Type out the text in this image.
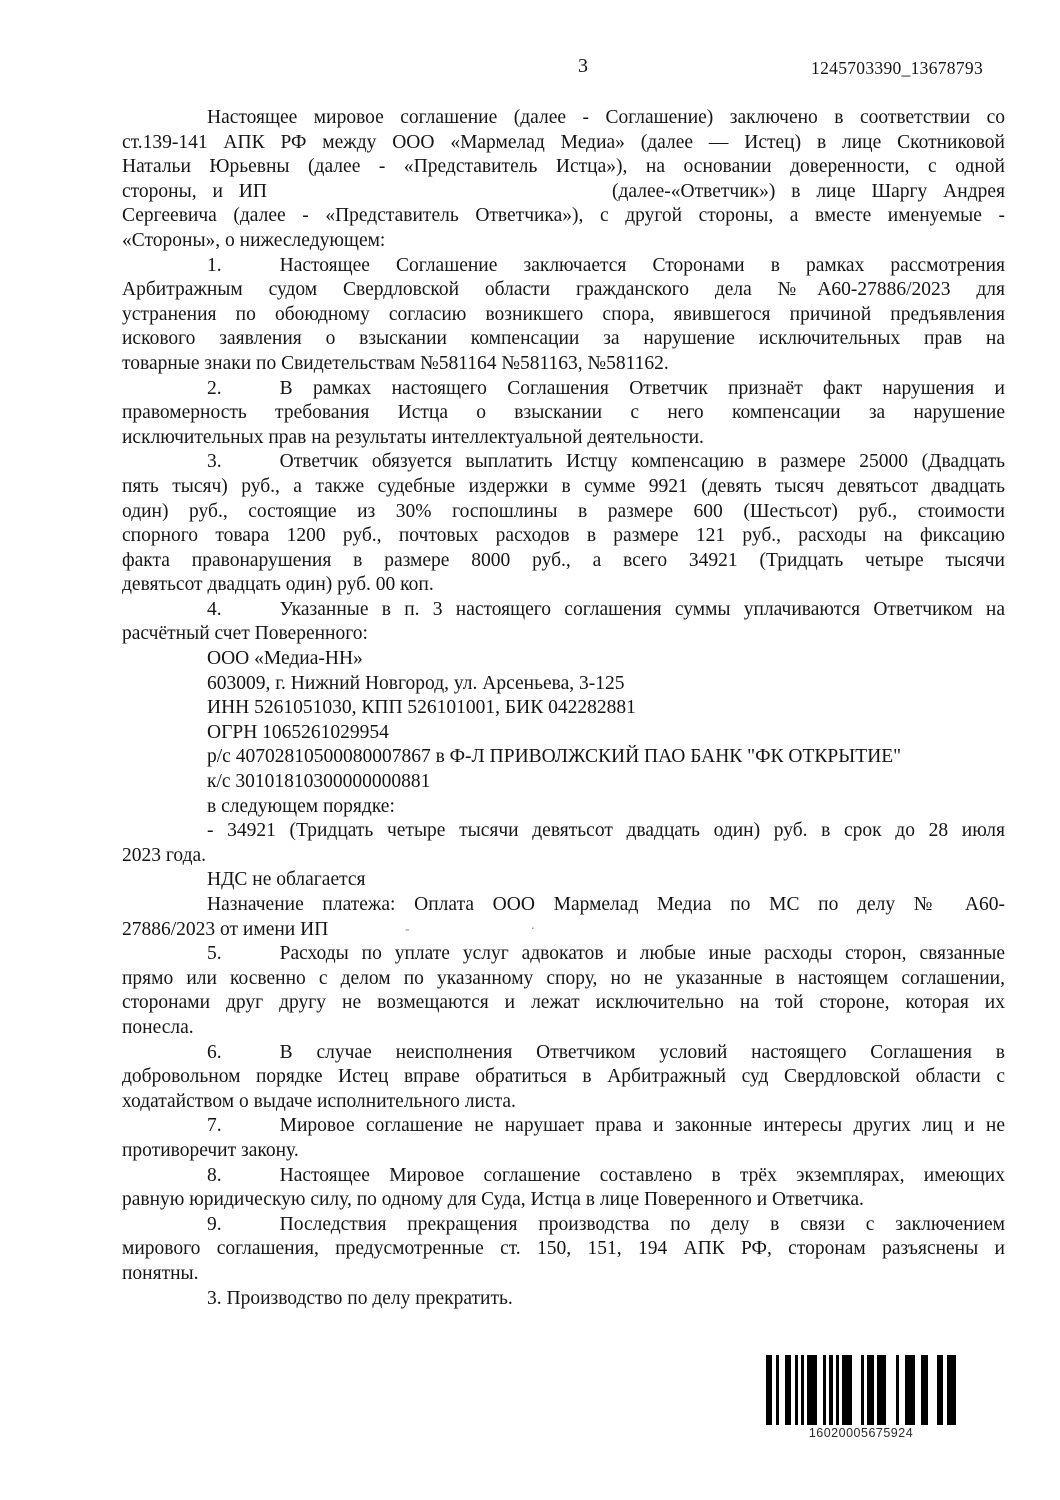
3	1245703390_13678793
Настоящее мировое соглашение (далее - Соглашение) заключено в соответствии со
ст.139-141 АПК РФ между ООО «Мармелад Медиа» (далее — Истец) в лице Скотниковой
Натальи Юрьевны (далее - «Представитель Истца»), на основании доверенности, с одной
стороны, и ИП	(далее-«Ответчик») в лице Шаргу Андрея
Сергеевича (далее - «Представитель Ответчика»), с другой стороны, а вместе именуемые -
«Стороны», о нижеследующем:
1.	Настоящее Соглашение заключается Сторонами в рамках рассмотрения
Арбитражным судом Свердловской области гражданского дела №А60-27886/2023 для
устранения по обоюдному согласию возникшего спора, явившегося причиной предъявления
искового заявления о взыскании компенсации за нарушение исключительных прав на
товарные знаки по Свидетельствам №581164 №581163, №581162.
2.	В рамках настоящего Соглашения Ответчик признаёт факт нарушения и
правомерность требования Истца о взыскании с него компенсации за нарушение
исключительных прав на результаты интеллектуальной деятельности.
3.	Ответчик обязуется выплатить Истцу компенсацию в размере 25000 (Двадцать
пять тысяч) руб., а также судебные издержки в сумме 9921 (девять тысяч девятьсот двадцать
один) руб., состоящие из 30% госпошлины в размере 600 (Шестьсот) руб., стоимости
спорного товара 1200 руб., почтовых расходов в размере 121 руб., расходы на фиксацию
факта правонарушения в размере 8000 руб., а всего 34921 (Тридцать четыре тысячи
девятьсот двадцать один) руб. 00 коп.
4.	Указанные в п. 3 настоящего соглашения суммы уплачиваются Ответчиком на
расчётный счет Поверенного:
ООО «Медиа-НН»
603009, г. Нижний Новгород, ул. Арсеньева, 3-125
ИНН 5261051030, КПП 526101001, БИК 042282881
ОГРН 1065261029954
р/с 40702810500080007867 в Ф-Л ПРИВОЛЖСКИЙ ПАО БАНК "ФК ОТКРЫТИЕ"
к/с 30101810300000000881
в следующем порядке:
- 34921 (Тридцать четыре тысячи девятьсот двадцать один) руб. в срок до 28 июля
2023 года.
НДС не облагается
Назначение платежа: Оплата ООО Мармелад Медиа по МС по делу № А60-
27886/2023 от имени ИП
5.	Расходы по уплате услуг адвокатов и любые иные расходы сторон, связанные
прямо или косвенно с делом по указанному спору, но не указанные в настоящем соглашении,
сторонами друг другу не возмещаются и лежат исключительно на той стороне, которая их
понесла.
6.	В случае неисполнения Ответчиком условий настоящего Соглашения в
добровольном порядке Истец вправе обратиться в Арбитражный суд Свердловской области с
ходатайством о выдаче исполнительного листа.
7.	Мировое соглашение не нарушает права и законные интересы других лиц и не
противоречит закону.
8.	Настоящее Мировое соглашение составлено в трёх экземплярах, имеющих
равную юридическую силу, по одному для Суда, Истца в лице Поверенного и Ответчика.
9.	Последствия прекращения производства по делу в связи с заключением
мирового соглашения, предусмотренные ст. 150, 151, 194 АПК РФ, сторонам разъяснены и
понятны.
3. Производство по делу прекратить.
16020005675924
-	.
